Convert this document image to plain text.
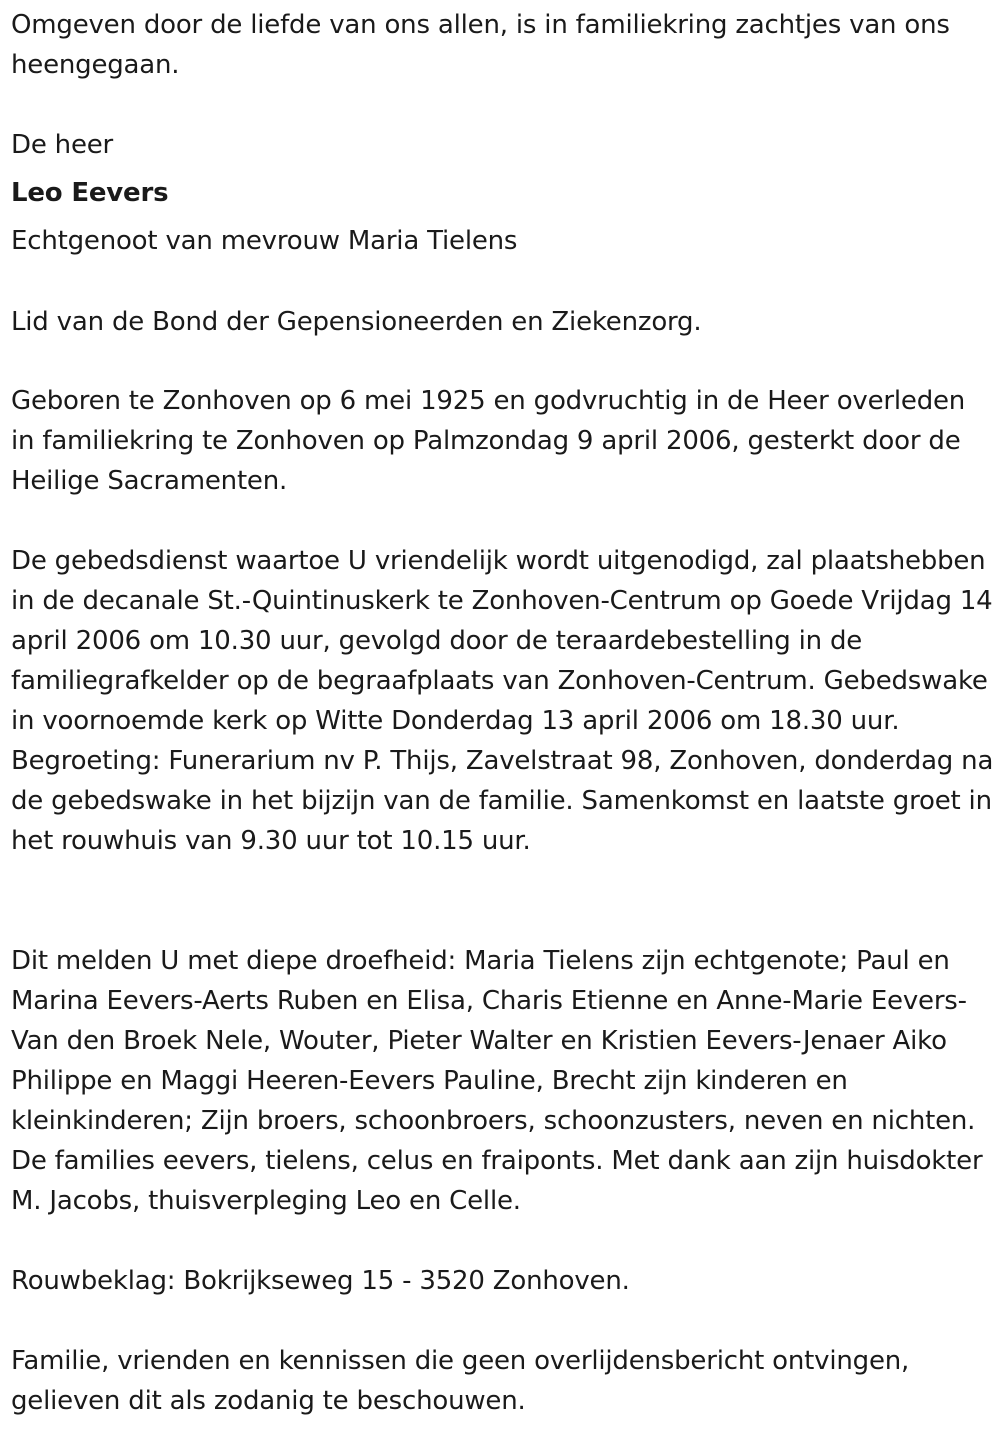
Omgeven door de liefde van ons allen, is in familiekring zachtjes van ons heengegaan.

De heer

Leo Eevers

Echtgenoot van mevrouw Maria Tielens

Lid van de Bond der Gepensioneerden en Ziekenzorg.

Geboren te Zonhoven op 6 mei 1925 en godvruchtig in de Heer overleden in familiekring te Zonhoven op Palmzondag 9 april 2006, gesterkt door de Heilige Sacramenten.

De gebedsdienst waartoe U vriendelijk wordt uitgenodigd, zal plaatshebben in de decanale St.-Quintinuskerk te Zonhoven-Centrum op Goede Vrijdag 14 april 2006 om 10.30 uur, gevolgd door de teraardebestelling in de familiegrafkelder op de begraafplaats van Zonhoven-Centrum. Gebedswake in voornoemde kerk op Witte Donderdag 13 april 2006 om 18.30 uur. Begroeting: Funerarium nv P. Thijs, Zavelstraat 98, Zonhoven, donderdag na de gebedswake in het bijzijn van de familie. Samenkomst en laatste groet in het rouwhuis van 9.30 uur tot 10.15 uur.

Dit melden U met diepe droefheid: Maria Tielens zijn echtgenote; Paul en Marina Eevers-Aerts Ruben en Elisa, Charis Etienne en Anne-Marie Eevers-Van den Broek Nele, Wouter, Pieter Walter en Kristien Eevers-Jenaer Aiko Philippe en Maggi Heeren-Eevers Pauline, Brecht zijn kinderen en kleinkinderen; Zijn broers, schoonbroers, schoonzusters, neven en nichten. De families eevers, tielens, celus en fraiponts. Met dank aan zijn huisdokter M. Jacobs, thuisverpleging Leo en Celle.

Rouwbeklag: Bokrijkseweg 15 - 3520 Zonhoven.

Familie, vrienden en kennissen die geen overlijdensbericht ontvingen, gelieven dit als zodanig te beschouwen.
